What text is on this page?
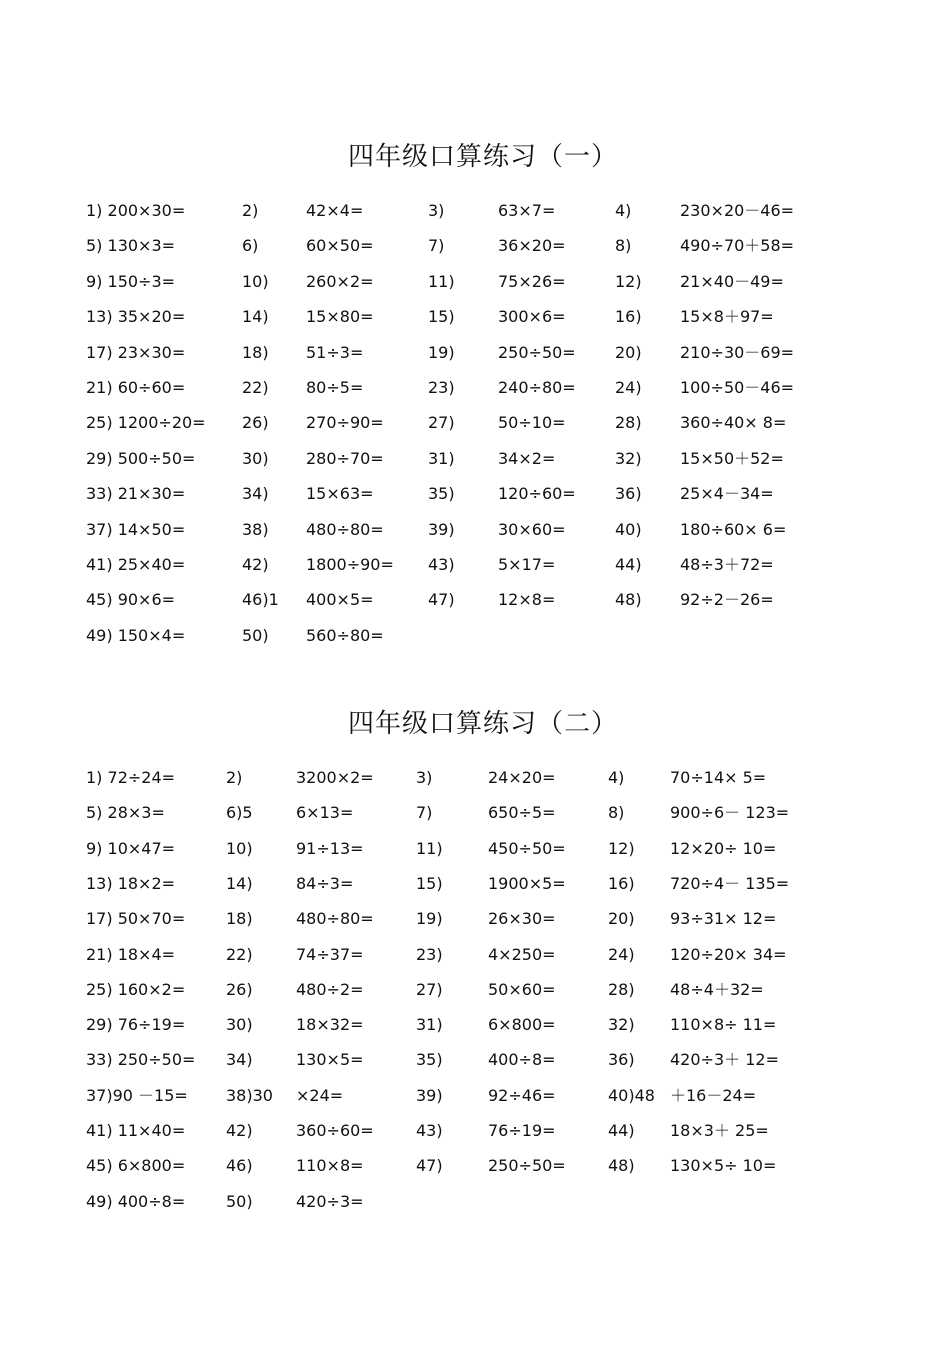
四年级口算练习（一）
1) 200×30=	2)	42×4=	3)	63×7=	4)	230×20－46=
5) 130×3=	6)	60×50=	7)	36×20=	8)	490÷70＋58=
9) 150÷3=	10) 260×2=	11)	75×26=	12) 21×40－49=
13) 35×20=	14) 15×80=	15)	300×6=	16) 15×8＋97=
17) 23×30=	18) 51÷3=	19)	250÷50= 20) 210÷30－69=
21) 60÷60=	22) 80÷5=	23)	240÷80= 24) 100÷50－46=
25) 1200÷20= 26) 270÷90=	27)	50÷10=	28) 360÷40× 8=
29) 500÷50=	30) 280÷70=	31)	34×2=	32) 15×50＋52=
33) 21×30=	34) 15×63=	35)	120÷60= 36) 25×4－34=
37) 14×50=	38) 480÷80=	39)	30×60=	40) 180÷60× 6=
41) 25×40=	42) 1800÷90= 43)	5×17=	44) 48÷3＋72=
45) 90×6=	46)1 400×5=	47)	12×8=	48) 92÷2－26=
49) 150×4=	50) 560÷80=
四年级口算练习（二）
1) 72÷24=	2)	3200×2=	3)	24×20=	4)	70÷14× 5=
5) 28×3=	6)5	6×13=	7)	650÷5=	8)	900÷6－ 123=
9) 10×47=	10)	91÷13=	11)	450÷50=	12) 12×20÷ 10=
13) 18×2=	14)	84÷3=	15)	1900×5=	16) 720÷4－ 135=
17) 50×70=	18)	480÷80=	19)	26×30=	20) 93÷31× 12=
21) 18×4=	22)	74÷37=	23)	4×250=	24) 120÷20× 34=
25) 160×2=	26)	480÷2=	27)	50×60=	28) 48÷4＋32=
29) 76÷19=	30)	18×32=	31)	6×800=	32) 110×8÷ 11=
33) 250÷50= 34)	130×5=	35)	400÷8=	36) 420÷3＋ 12=
37)90 －15= 38)30 ×24=	39)	92÷46=	40)48 ＋16－24=
41) 11×40=	42)	360÷60=	43)	76÷19=	44) 18×3＋ 25=
45) 6×800=	46)	110×8=	47)	250÷50=	48) 130×5÷ 10=
49) 400÷8=	50)	420÷3=
